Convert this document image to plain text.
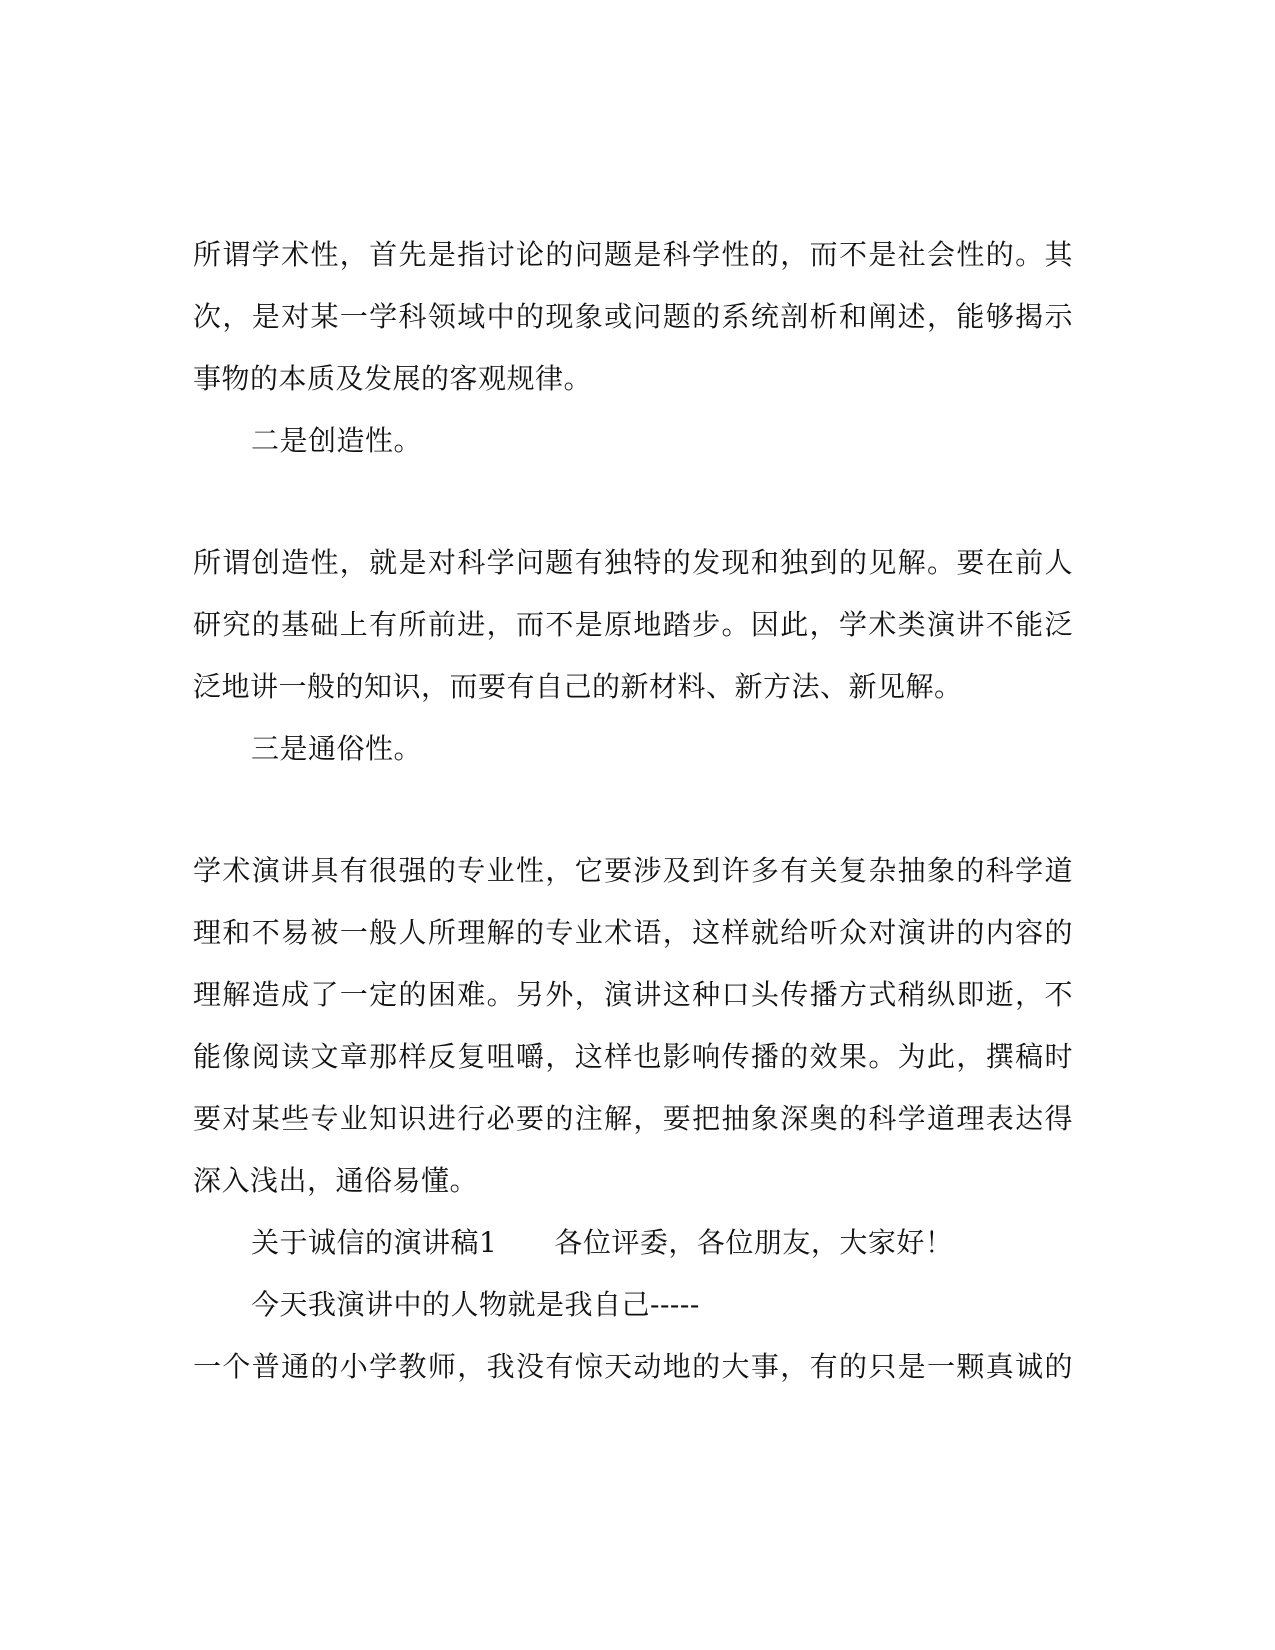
所谓学术性，首先是指讨论的问题是科学性的，而不是社会性的。其
次，是对某一学科领域中的现象或问题的系统剖析和阐述，能够揭示
事物的本质及发展的客观规律。
二是创造性。
所谓创造性，就是对科学问题有独特的发现和独到的见解。要在前人
研究的基础上有所前进，而不是原地踏步。因此，学术类演讲不能泛
泛地讲一般的知识，而要有自己的新材料、新方法、新见解。
三是通俗性。
学术演讲具有很强的专业性，它要涉及到许多有关复杂抽象的科学道
理和不易被一般人所理解的专业术语，这样就给听众对演讲的内容的
理解造成了一定的困难。另外，演讲这种口头传播方式稍纵即逝，不
能像阅读文章那样反复咀嚼，这样也影响传播的效果。为此，撰稿时
要对某些专业知识进行必要的注解，要把抽象深奥的科学道理表达得
深入浅出，通俗易懂。
关于诚信的演讲稿1　　各位评委，各位朋友，大家好！
今天我演讲中的人物就是我自己-----
一个普通的小学教师，我没有惊天动地的大事，有的只是一颗真诚的
